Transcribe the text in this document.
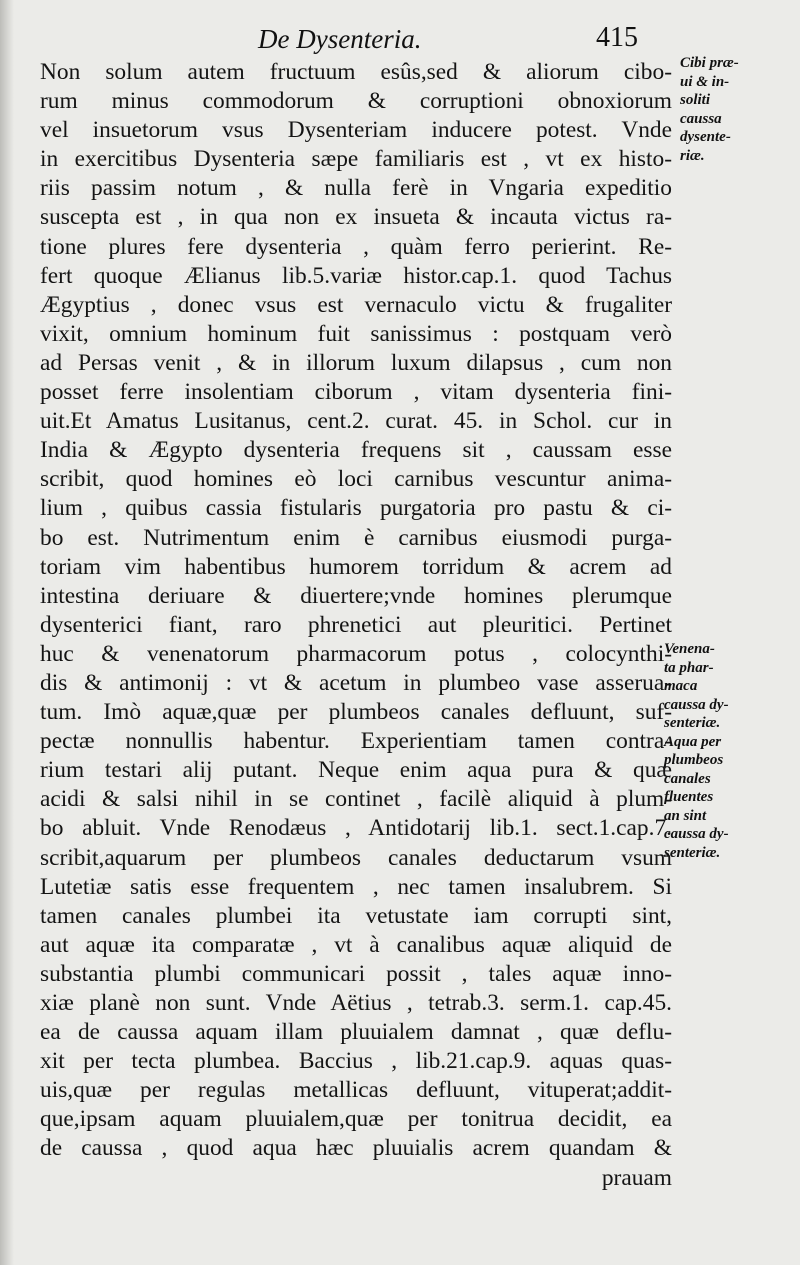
De Dysenteria.	415
Non solum autem fructuum esûs,sed & aliorum cibo-
rum minus commodorum & corruptioni obnoxiorum
vel insuetorum vsus Dysenteriam inducere potest. Vnde
in exercitibus Dysenteria sæpe familiaris est , vt ex histo-
riis passim notum , & nulla ferè in Vngaria expeditio
suscepta est , in qua non ex insueta & incauta victus ra-
tione plures fere dysenteria , quàm ferro perierint. Re-
fert quoque Ælianus lib.5.variæ histor.cap.1. quod Tachus
Ægyptius , donec vsus est vernaculo victu & frugaliter
vixit, omnium hominum fuit sanissimus : postquam verò
ad Persas venit , & in illorum luxum dilapsus , cum non
posset ferre insolentiam ciborum , vitam dysenteria fini-
uit.Et Amatus Lusitanus, cent.2. curat. 45. in Schol. cur in
India & Ægypto dysenteria frequens sit , caussam esse
scribit, quod homines eò loci carnibus vescuntur anima-
lium , quibus cassia fistularis purgatoria pro pastu & ci-
bo est. Nutrimentum enim è carnibus eiusmodi purga-
toriam vim habentibus humorem torridum & acrem ad
intestina deriuare & diuertere;vnde homines plerumque
dysenterici fiant, raro phrenetici aut pleuritici. Pertinet
huc & venenatorum pharmacorum potus , colocynthi-
dis & antimonij : vt & acetum in plumbeo vase asserua-
tum. Imò aquæ,quæ per plumbeos canales defluunt, suf-
pectæ nonnullis habentur. Experientiam tamen contra-
rium testari alij putant. Neque enim aqua pura & quæ
acidi & salsi nihil in se continet , facilè aliquid à plum-
bo abluit. Vnde Renodæus , Antidotarij lib.1. sect.1.cap.7.
scribit,aquarum per plumbeos canales deductarum vsum
Lutetiæ satis esse frequentem , nec tamen insalubrem. Si
tamen canales plumbei ita vetustate iam corrupti sint,
aut aquæ ita comparatæ , vt à canalibus aquæ aliquid de
substantia plumbi communicari possit , tales aquæ inno-
xiæ planè non sunt. Vnde Aëtius , tetrab.3. serm.1. cap.45.
ea de caussa aquam illam pluuialem damnat , quæ deflu-
xit per tecta plumbea. Baccius , lib.21.cap.9. aquas quas-
uis,quæ per regulas metallicas defluunt, vituperat;addit-
que,ipsam aquam pluuialem,quæ per tonitrua decidit, ea
de caussa , quod aqua hæc pluuialis acrem quandam &
prauam
Cibi præ-
ui & in-
soliti
caussa
dysente-
riæ.
Venena-
ta phar-
maca
caussa dy-
senteriæ.
Aqua per
plumbeos
canales
fluentes
an sint
caussa dy-
senteriæ.
